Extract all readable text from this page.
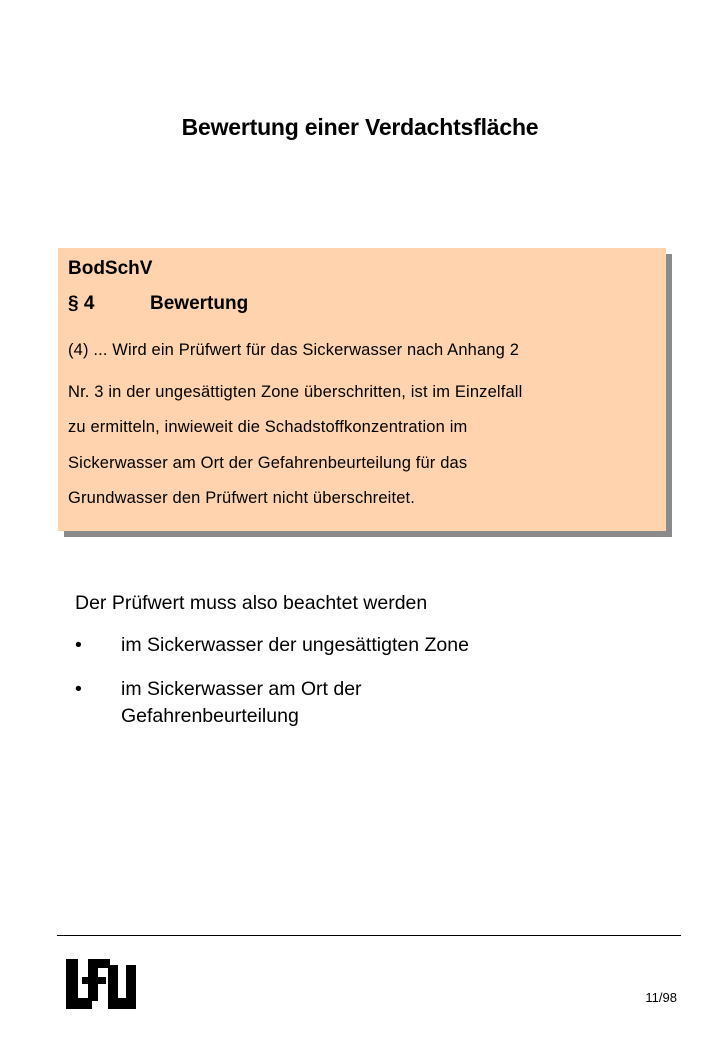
Bewertung einer Verdachtsfläche

BodSchV

§ 4	Bewertung
(4) ... Wird ein Prüfwert für das Sickerwasser nach Anhang 2
Nr. 3 in der ungesättigten Zone überschritten, ist im Einzelfall
zu ermitteln, inwieweit die Schadstoffkonzentration im
Sickerwasser am Ort der Gefahrenbeurteilung für das
Grundwasser den Prüfwert nicht überschreitet.
Der Prüfwert muss also beachtet werden
• im Sickerwasser der ungesättigten Zone
• im Sickerwasser am Ort der
Gefahrenbeurteilung
11/98
